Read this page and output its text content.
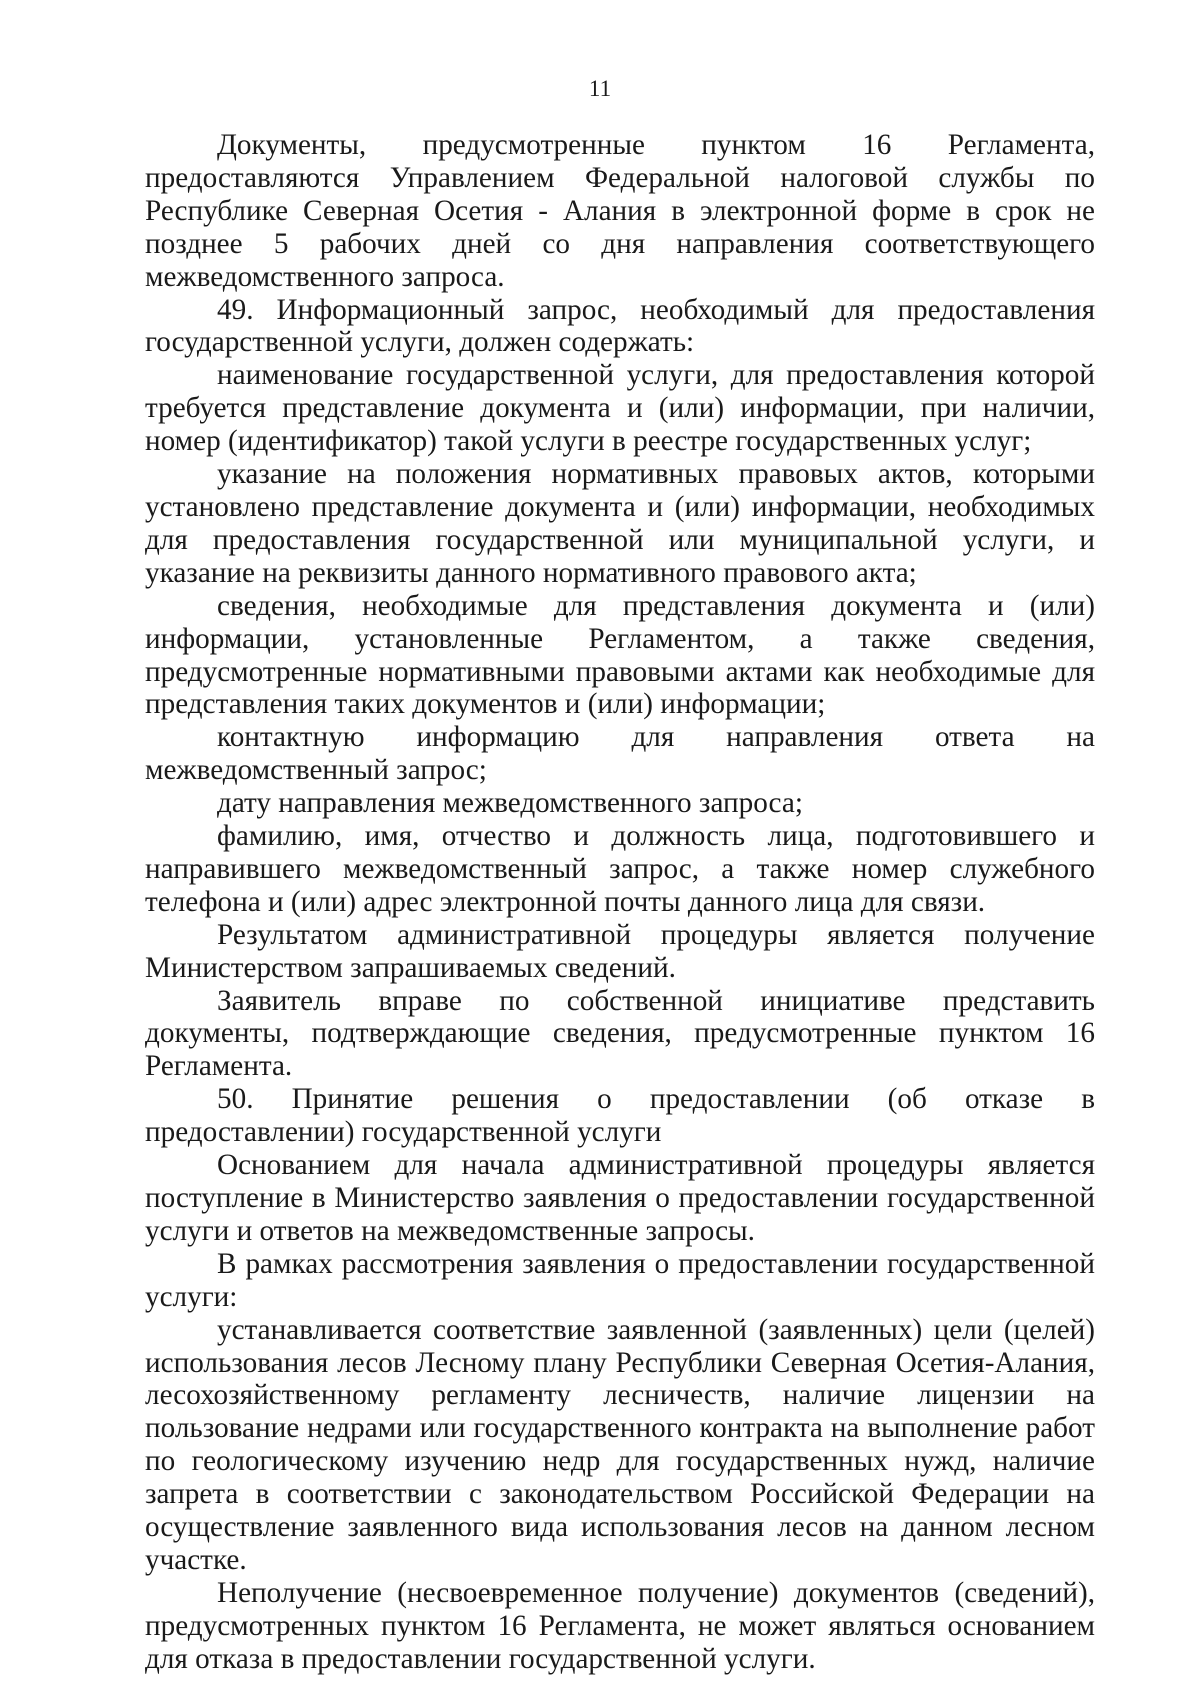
11

Документы, предусмотренные пунктом 16 Регламента, предоставляются Управлением Федеральной налоговой службы по Республике Северная Осетия - Алания в электронной форме в срок не позднее 5 рабочих дней со дня направления соответствующего межведомственного запроса.

49. Информационный запрос, необходимый для предоставления государственной услуги, должен содержать:

наименование государственной услуги, для предоставления которой требуется представление документа и (или) информации, при наличии, номер (идентификатор) такой услуги в реестре государственных услуг;

указание на положения нормативных правовых актов, которыми установлено представление документа и (или) информации, необходимых для предоставления государственной или муниципальной услуги, и указание на реквизиты данного нормативного правового акта;

сведения, необходимые для представления документа и (или) информации, установленные Регламентом, а также сведения, предусмотренные нормативными правовыми актами как необходимые для представления таких документов и (или) информации;

контактную информацию для направления ответа на межведомственный запрос;

дату направления межведомственного запроса;

фамилию, имя, отчество и должность лица, подготовившего и направившего межведомственный запрос, а также номер служебного телефона и (или) адрес электронной почты данного лица для связи.

Результатом административной процедуры является получение Министерством запрашиваемых сведений.

Заявитель вправе по собственной инициативе представить документы, подтверждающие сведения, предусмотренные пунктом 16 Регламента.

50. Принятие решения о предоставлении (об отказе в предоставлении) государственной услуги

Основанием для начала административной процедуры является поступление в Министерство заявления о предоставлении государственной услуги и ответов на межведомственные запросы.

В рамках рассмотрения заявления о предоставлении государственной услуги:

устанавливается соответствие заявленной (заявленных) цели (целей) использования лесов Лесному плану Республики Северная Осетия-Алания, лесохозяйственному регламенту лесничеств, наличие лицензии на пользование недрами или государственного контракта на выполнение работ по геологическому изучению недр для государственных нужд, наличие запрета в соответствии с законодательством Российской Федерации на осуществление заявленного вида использования лесов на данном лесном участке.

Неполучение (несвоевременное получение) документов (сведений), предусмотренных пунктом 16 Регламента, не может являться основанием для отказа в предоставлении государственной услуги.
